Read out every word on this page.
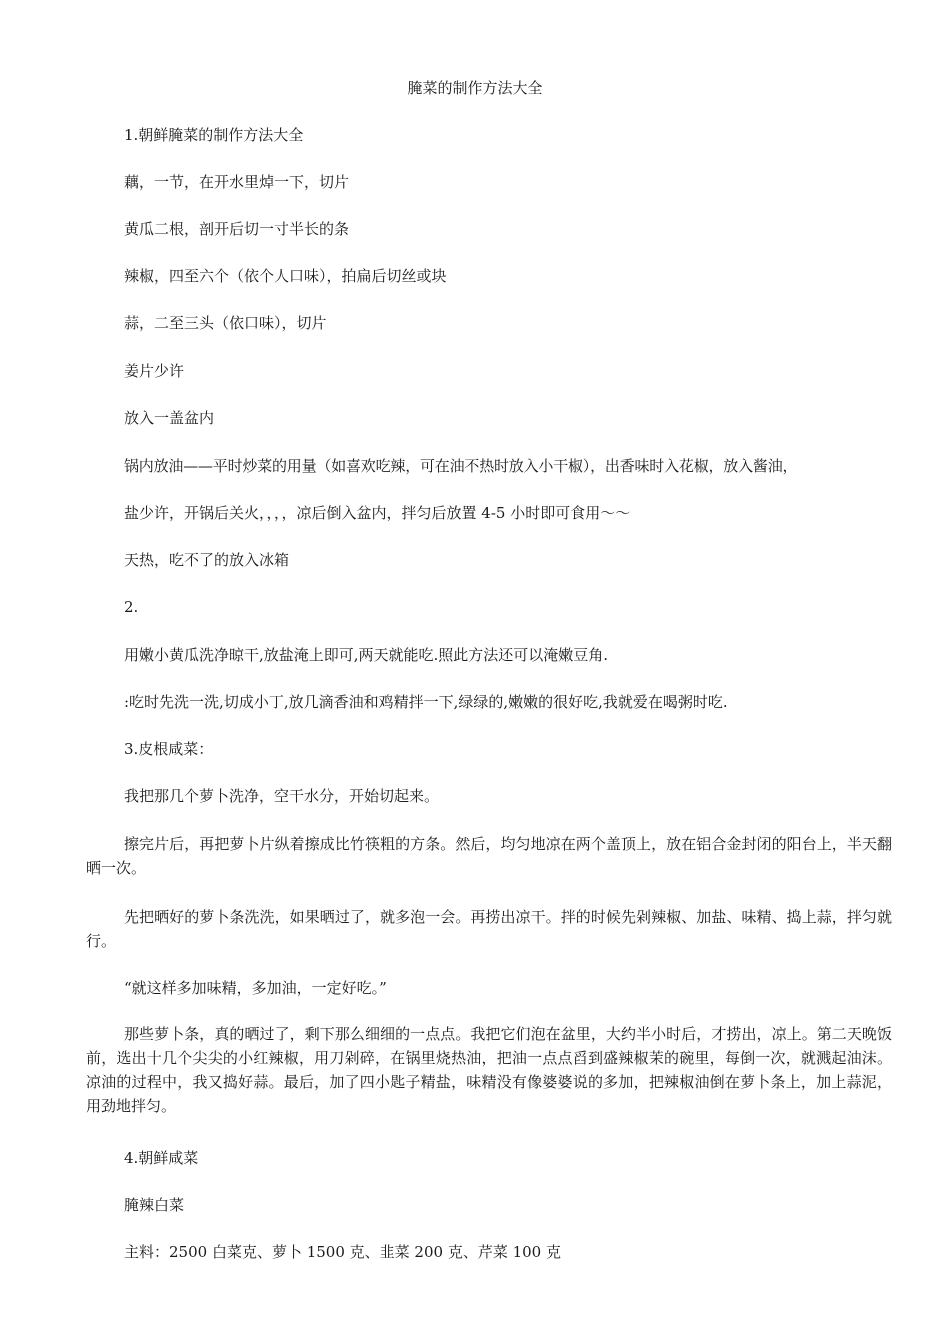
腌菜的制作方法大全
1.朝鲜腌菜的制作方法大全
藕，一节，在开水里焯一下，切片
黄瓜二根，剖开后切一寸半长的条
辣椒，四至六个（依个人口味），拍扁后切丝或块
蒜，二至三头（依口味），切片
姜片少许
放入一盖盆内
锅内放油——平时炒菜的用量（如喜欢吃辣，可在油不热时放入小干椒），出香味时入花椒，放入酱油，
盐少许，开锅后关火，，，，凉后倒入盆内，拌匀后放置 4-5 小时即可食用～～
天热，吃不了的放入冰箱
2.
用嫩小黄瓜洗净晾干,放盐淹上即可,两天就能吃.照此方法还可以淹嫩豆角.
:吃时先洗一洗,切成小丁,放几滴香油和鸡精拌一下,绿绿的,嫩嫩的很好吃,我就爱在喝粥时吃.
3.皮根咸菜：
我把那几个萝卜洗净，空干水分，开始切起来。
擦完片后，再把萝卜片纵着擦成比竹筷粗的方条。然后，均匀地凉在两个盖顶上，放在铝合金封闭的阳台上，半天翻晒一次。
先把晒好的萝卜条洗洗，如果晒过了，就多泡一会。再捞出凉干。拌的时候先剁辣椒、加盐、味精、捣上蒜，拌匀就行。
“就这样多加味精，多加油，一定好吃。”
那些萝卜条，真的晒过了，剩下那么细细的一点点。我把它们泡在盆里，大约半小时后，才捞出，凉上。第二天晚饭前，选出十几个尖尖的小红辣椒，用刀剁碎，在锅里烧热油，把油一点点舀到盛辣椒茉的碗里，每倒一次，就溅起油沫。凉油的过程中，我又捣好蒜。最后，加了四小匙子精盐，味精没有像婆婆说的多加，把辣椒油倒在萝卜条上，加上蒜泥，用劲地拌匀。
4.朝鲜咸菜
腌辣白菜
主料：2500 白菜克、萝卜 1500 克、韭菜 200 克、芹菜 100 克
